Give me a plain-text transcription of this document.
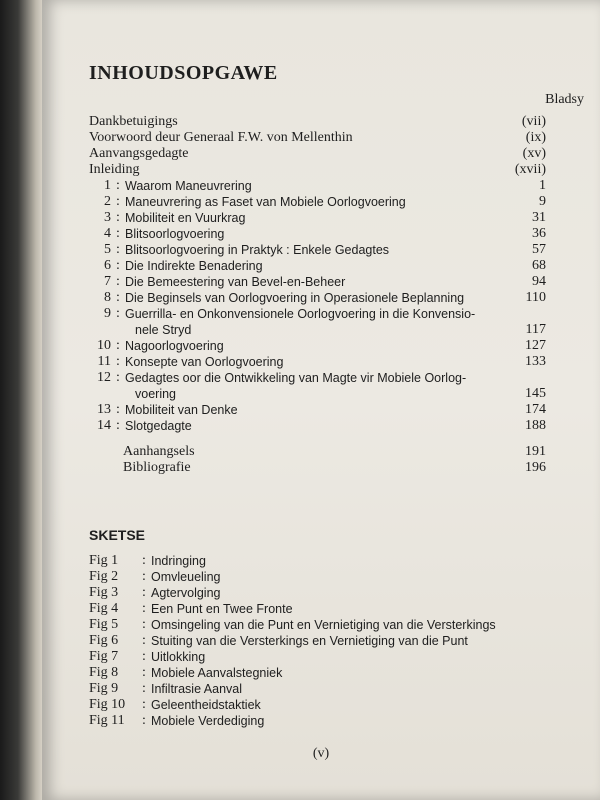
INHOUDSOPGAWE
Bladsy
Dankbetuigings	(vii)
Voorwoord deur Generaal F.W. von Mellenthin	(ix)
Aanvangsgedagte	(xv)
Inleiding	(xvii)
1 : Waarom Maneuvrering	1
2 : Maneuvrering as Faset van Mobiele Oorlogvoering	9
3 : Mobiliteit en Vuurkrag	31
4 : Blitsoorlogvoering	36
5 : Blitsoorlogvoering in Praktyk : Enkele Gedagtes	57
6 : Die Indirekte Benadering	68
7 : Die Bemeestering van Bevel-en-Beheer	94
8 : Die Beginsels van Oorlogvoering in Operasionele Beplanning	110
9 : Guerrilla- en Onkonvensionele Oorlogvoering in die Konvensio-
nele Stryd	117
10 : Nagoorlogvoering	127
11 : Konsepte van Oorlogvoering	133
12 : Gedagtes oor die Ontwikkeling van Magte vir Mobiele Oorlog-
voering	145
13 : Mobiliteit van Denke	174
14 : Slotgedagte	188
Aanhangsels	191
Bibliografie	196
SKETSE
Fig 1	: Indringing
Fig 2	: Omvleueling
Fig 3	: Agtervolging
Fig 4	: Een Punt en Twee Fronte
Fig 5	: Omsingeling van die Punt en Vernietiging van die Versterkings
Fig 6	: Stuiting van die Versterkings en Vernietiging van die Punt
Fig 7	: Uitlokking
Fig 8	: Mobiele Aanvalstegniek
Fig 9	: Infiltrasie Aanval
Fig 10	: Geleentheidstaktiek
Fig 11	: Mobiele Verdediging
(v)
